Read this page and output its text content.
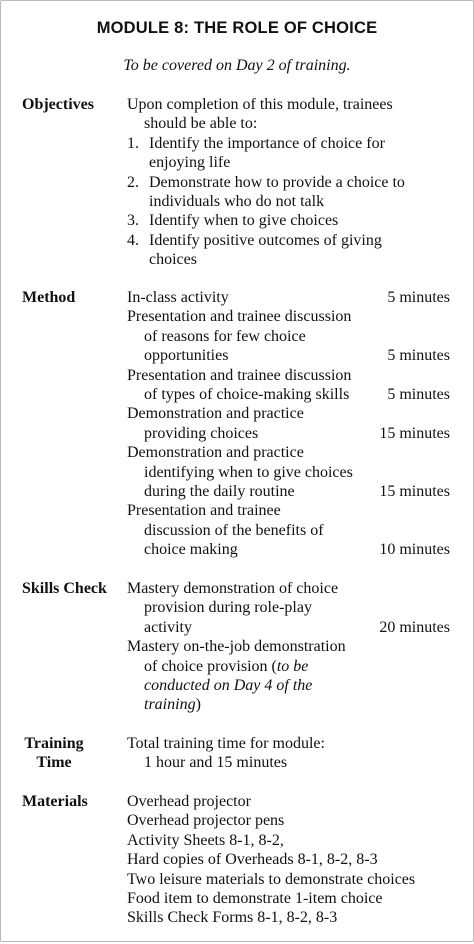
MODULE 8: THE ROLE OF CHOICE
To be covered on Day 2 of training.
Objectives Upon completion of this module, trainees
should be able to:
1. Identify the importance of choice for
enjoying life
2. Demonstrate how to provide a choice to
individuals who do not talk
3. Identify when to give choices
4. Identify positive outcomes of giving
choices
Method	In-class activity	5 minutes
Presentation and trainee discussion
of reasons for few choice
opportunities	5 minutes
Presentation and trainee discussion
of types of choice-making skills 5 minutes
Demonstration and practice
providing choices	15 minutes
Demonstration and practice
identifying when to give choices
during the daily routine	15 minutes
Presentation and trainee
discussion of the benefits of
choice making	10 minutes
Skills Check Mastery demonstration of choice
provision during role-play
activity	20 minutes
Mastery on-the-job demonstration
of choice provision (to be
conducted on Day 4 of the
training)
Training
Time
Total training time for module:
1 hour and 15 minutes
Materials Overhead projector
Overhead projector pens
Activity Sheets 8-1, 8-2,
Hard copies of Overheads 8-1, 8-2, 8-3
Two leisure materials to demonstrate choices
Food item to demonstrate 1-item choice
Skills Check Forms 8-1, 8-2, 8-3
